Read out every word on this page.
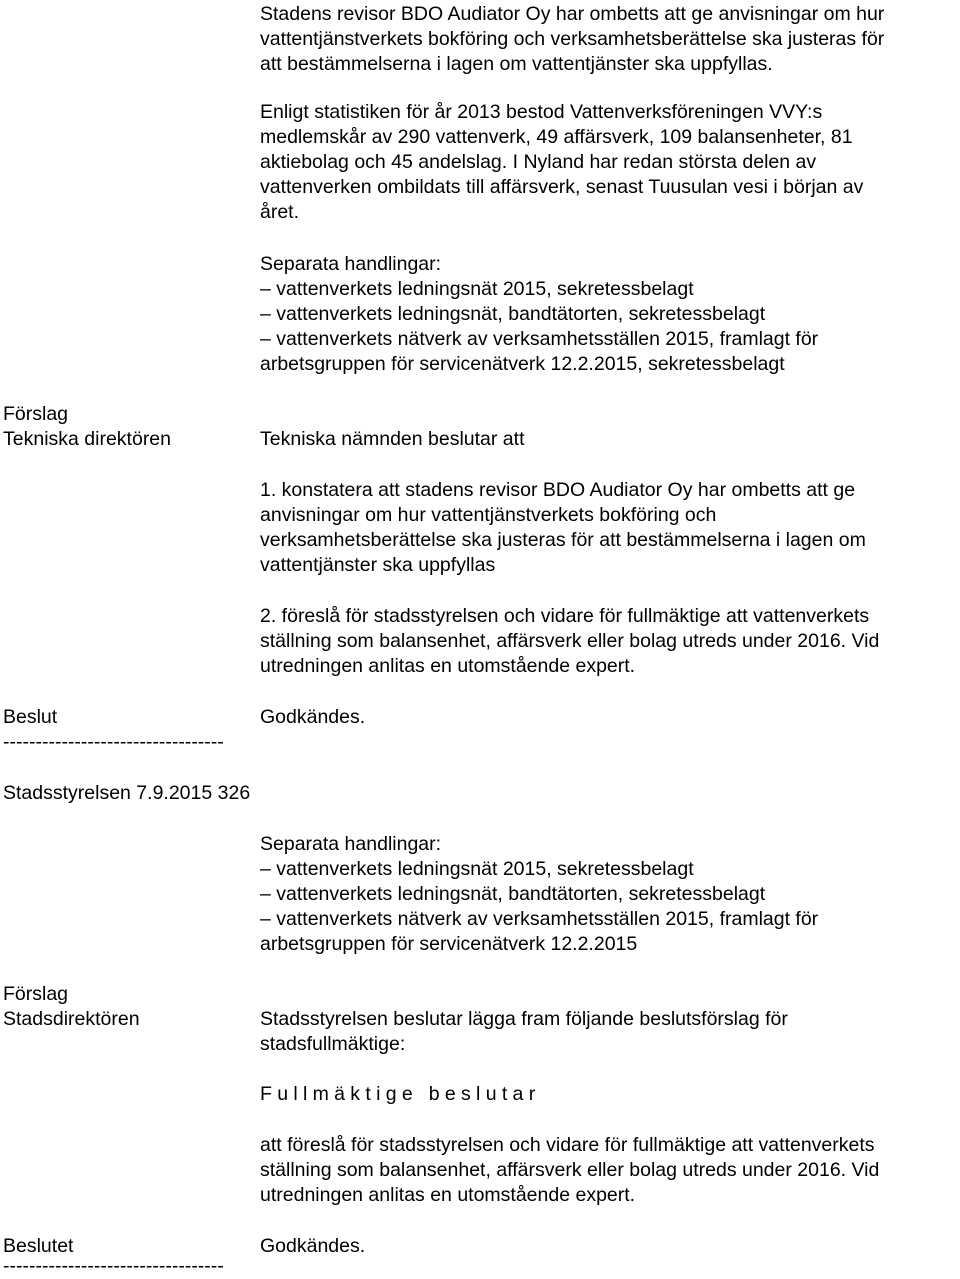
Stadens revisor BDO Audiator Oy har ombetts att ge anvisningar om hur
vattentjänstverkets bokföring och verksamhetsberättelse ska justeras för
att bestämmelserna i lagen om vattentjänster ska uppfyllas.
Enligt statistiken för år 2013 bestod Vattenverksföreningen VVY:s
medlemskår av 290 vattenverk, 49 affärsverk, 109 balansenheter, 81
aktiebolag och 45 andelslag. I Nyland har redan största delen av
vattenverken ombildats till affärsverk, senast Tuusulan vesi i början av
året.
Separata handlingar:
– vattenverkets ledningsnät 2015, sekretessbelagt
– vattenverkets ledningsnät, bandtätorten, sekretessbelagt
– vattenverkets nätverk av verksamhetsställen 2015, framlagt för
arbetsgruppen för servicenätverk 12.2.2015, sekretessbelagt
Förslag
Tekniska direktören	Tekniska nämnden beslutar att
1. konstatera att stadens revisor BDO Audiator Oy har ombetts att ge
anvisningar om hur vattentjänstverkets bokföring och
verksamhetsberättelse ska justeras för att bestämmelserna i lagen om
vattentjänster ska uppfyllas
2. föreslå för stadsstyrelsen och vidare för fullmäktige att vattenverkets
ställning som balansenhet, affärsverk eller bolag utreds under 2016. Vid
utredningen anlitas en utomstående expert.
Beslut	Godkändes.
----------------------------------
Stadsstyrelsen 7.9.2015 326
Separata handlingar:
– vattenverkets ledningsnät 2015, sekretessbelagt
– vattenverkets ledningsnät, bandtätorten, sekretessbelagt
– vattenverkets nätverk av verksamhetsställen 2015, framlagt för
arbetsgruppen för servicenätverk 12.2.2015
Förslag
Stadsdirektören	Stadsstyrelsen beslutar lägga fram följande beslutsförslag för
stadsfullmäktige:
Fullmäktige beslutar
att föreslå för stadsstyrelsen och vidare för fullmäktige att vattenverkets
ställning som balansenhet, affärsverk eller bolag utreds under 2016. Vid
utredningen anlitas en utomstående expert.
Beslutet	Godkändes.
----------------------------------
